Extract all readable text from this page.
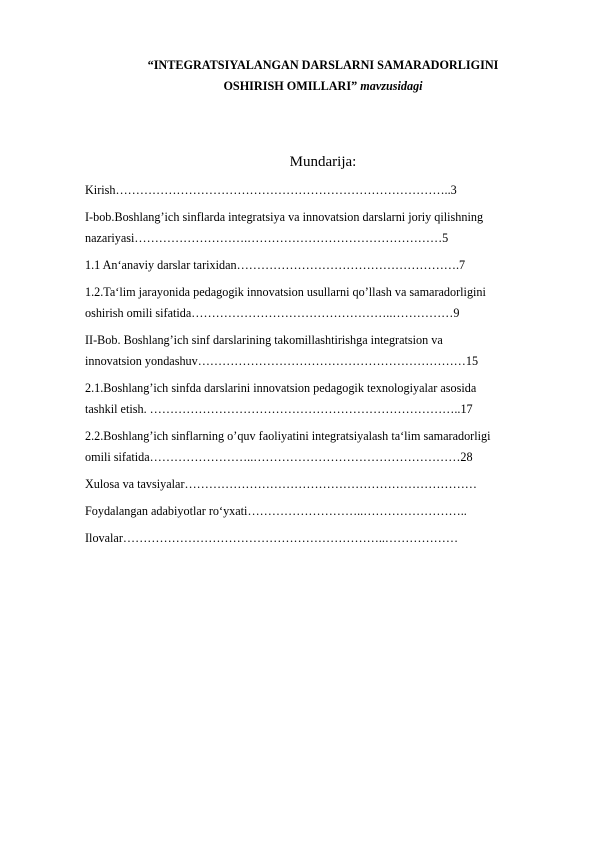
“INTEGRATSIYALANGAN DARSLARNI SAMARADORLIGINI
OSHIRISH OMILLARI” mavzusidagi
Mundarija:
Kirish………………………………………………………………………..3
I-bob.Boshlang’ich sinflarda integratsiya va innovatsion darslarni joriy qilishning
nazariyasi……………………….…………………………………………5
1.1 An‘anaviy darslar tarixidan……………………………………………….7
1.2.Ta‘lim jarayonida pedagogik innovatsion usullarni qo’llash va samaradorligini
oshirish omili sifatida…………………………………………..……………9
II-Bob. Boshlang’ich sinf darslarining takomillashtirishga integratsion va
innovatsion yondashuv…………………………………………………………15
2.1.Boshlang’ich sinfda darslarini innovatsion pedagogik texnologiyalar asosida
tashkil etish. …………………………………………………………………..17
2.2.Boshlang’ich sinflarning o’quv faoliyatini integratsiyalash ta‘lim samaradorligi
omili sifatida……………………..……………………………………………28
Xulosa va tavsiyalar………………………………………………………………
Foydalangan adabiyotlar ro‘yxati………………………..……………………..
Ilovalar………………………………………………………..………………
